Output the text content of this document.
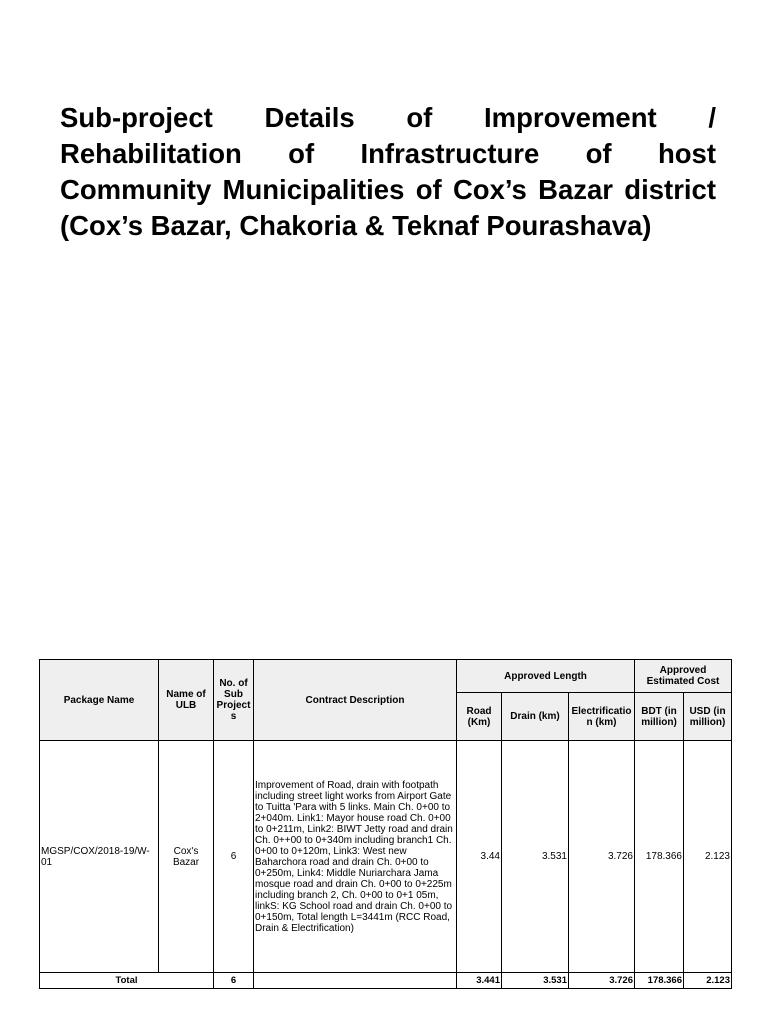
Sub-project Details of Improvement / Rehabilitation of Infrastructure of host Community Municipalities of Cox’s Bazar district (Cox’s Bazar, Chakoria & Teknaf Pourashava)
Package Name	Name of ULB	No. of Sub Project s	Contract Description	Approved Length			Approved Estimated Cost	
				Road (Km)	Drain (km)	Electrificatio n (km)	BDT (in million)	USD (in million)
MGSP/COX/2018-19/W-01	Cox's Bazar	6	Improvement of Road, drain with footpath including street light works from Airport Gate to Tuitta 'Para with 5 links. Main Ch. 0+00 to 2+040m. Link1: Mayor house road Ch. 0+00 to 0+211m, Link2: BIWT Jetty road and drain Ch. 0++00 to 0+340m including branch1 Ch. 0+00 to 0+120m, Link3: West new Baharchora road and drain Ch. 0+00 to 0+250m, Link4: Middle Nuriarchara Jama mosque road and drain Ch. 0+00 to 0+225m including branch 2, Ch. 0+00 to 0+1 05m, linkS: KG School road and drain Ch. 0+00 to 0+150m, Total length L=3441m (RCC Road, Drain & Electrification)	3.44	3.531	3.726	178.366	2.123
Total		6		3.441	3.531	3.726	178.366	2.123
